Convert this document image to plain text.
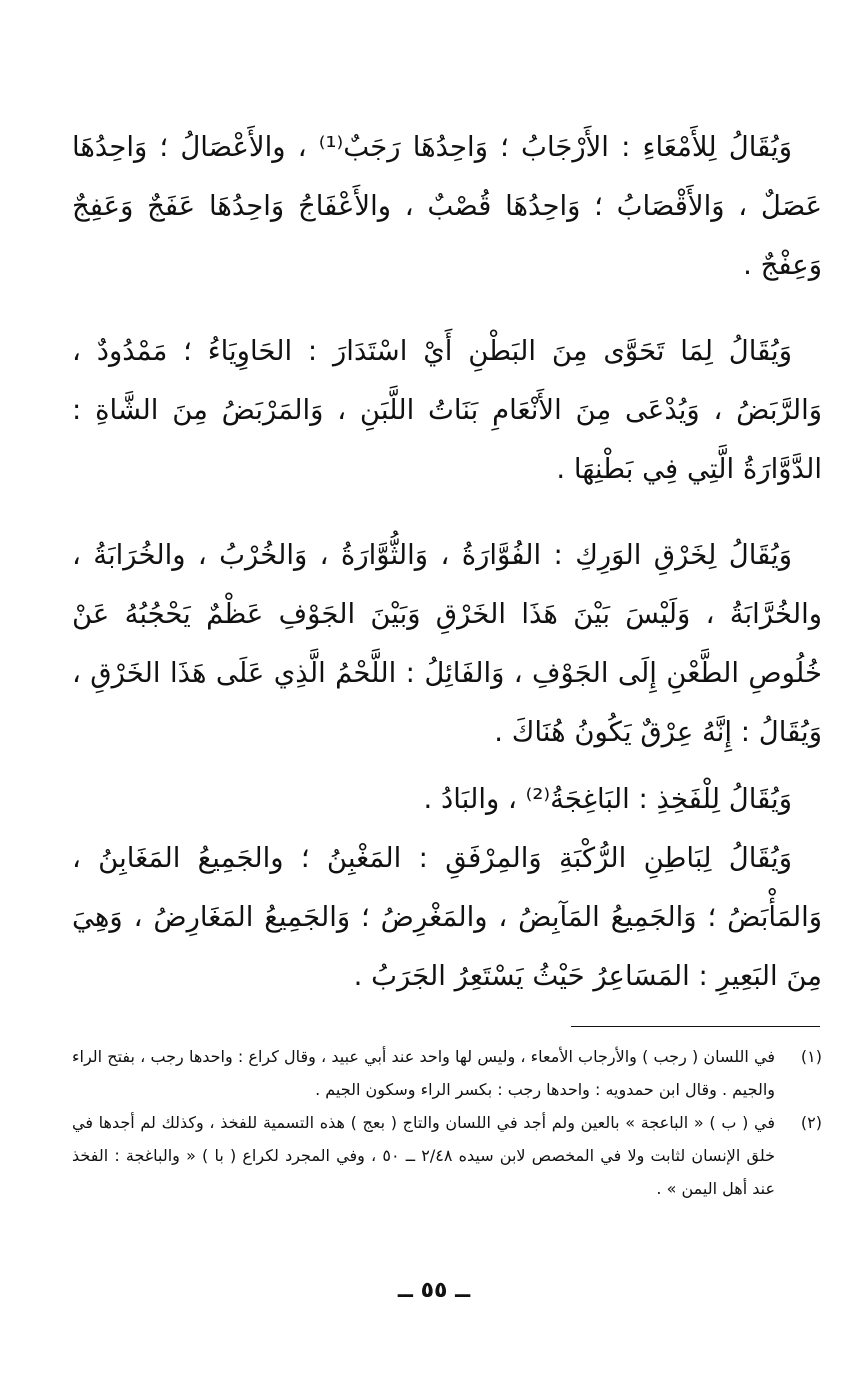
وَيُقَالُ لِلأَمْعَاءِ : الأَرْجَابُ ؛ وَاحِدُهَا رَجَبٌ⁽¹⁾ ، والأَعْصَالُ ؛ وَاحِدُهَا عَصَلٌ ، وَالأَقْصَابُ ؛ وَاحِدُهَا قُصْبٌ ، والأَعْفَاجُ وَاحِدُهَا عَفَجٌ وَعَفِجٌ وَعِفْجٌ .

وَيُقَالُ لِمَا تَحَوَّى مِنَ البَطْنِ أَيْ اسْتَدَارَ : الحَاوِيَاءُ ؛ مَمْدُودٌ ، وَالرَّبَضُ ، وَيُدْعَى مِنَ الأَنْعَامِ بَنَاتُ اللَّبَنِ ، وَالمَرْبَضُ مِنَ الشَّاةِ : الدَّوَّارَةُ الَّتِي فِي بَطْنِهَا .

وَيُقَالُ لِخَرْقِ الوَرِكِ : الفُوَّارَةُ ، وَالثُّوَّارَةُ ، وَالخُرْبُ ، والخُرَابَةُ ، والخُرَّابَةُ ، وَلَيْسَ بَيْنَ هَذَا الخَرْقِ وَبَيْنَ الجَوْفِ عَظْمٌ يَحْجُبُهُ عَنْ خُلُوصِ الطَّعْنِ إِلَى الجَوْفِ ، وَالفَائِلُ : اللَّحْمُ الَّذِي عَلَى هَذَا الخَرْقِ ، وَيُقَالُ : إِنَّهُ عِرْقٌ يَكُونُ هُنَاكَ .

وَيُقَالُ لِلْفَخِذِ : البَاغِجَةُ⁽²⁾ ، والبَادُ .

وَيُقَالُ لِبَاطِنِ الرُّكْبَةِ وَالمِرْفَقِ : المَغْبِنُ ؛ والجَمِيعُ المَغَابِنُ ، وَالمَأْبَضُ ؛ وَالجَمِيعُ المَآبِضُ ، والمَغْرِضُ ؛ وَالجَمِيعُ المَغَارِضُ ، وَهِيَ مِنَ البَعِيرِ : المَسَاعِرُ حَيْثُ يَسْتَعِرُ الجَرَبُ .

(١)
في اللسان ( رجب ) والأرجاب الأمعاء ، وليس لها واحد عند أبي عبيد ، وقال كراع : واحدها رجب ، بفتح الراء والجيم . وقال ابن حمدويه : واحدها رجب : بكسر الراء وسكون الجيم .
(٢)
في ( ب ) « الباعجة » بالعين ولم أجد في اللسان والتاج ( بعج ) هذه التسمية للفخذ ، وكذلك لم أجدها في خلق الإنسان لثابت ولا في المخصص لابن سيده ٢/٤٨ ــ ٥٠ ، وفي المجرد لكراع ( با ) « والباغجة : الفخذ عند أهل اليمن » .
ــ ٥٥ ــ
